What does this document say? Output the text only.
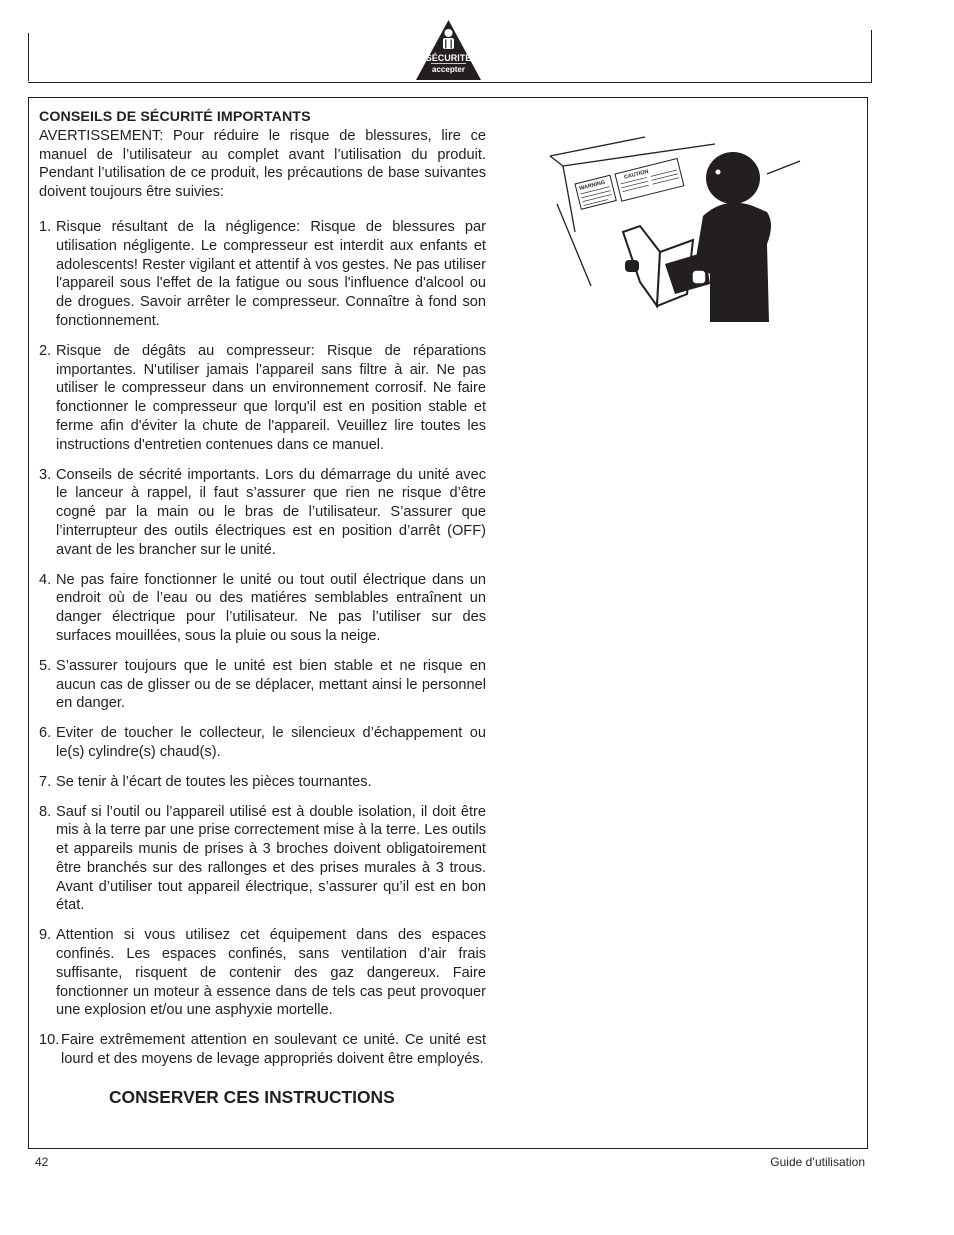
SÉCURITÉ
accepter

CONSEILS DE SÉCURITÉ IMPORTANTS

AVERTISSEMENT: Pour réduire le risque de blessures, lire ce manuel de l’utilisateur au complet avant l’utilisation du produit. Pendant l’utilisation de ce produit, les précautions de base suivantes doivent toujours être suivies:

1. Risque résultant de la négligence: Risque de blessures par utilisation négligente. Le compresseur est interdit aux enfants et adolescents! Rester vigilant et attentif à vos gestes. Ne pas utiliser l'appareil sous l'effet de la fatigue ou sous l'influence d'alcool ou de drogues. Savoir arrêter le compresseur. Connaître à fond son fonctionnement.
2. Risque de dégâts au compresseur: Risque de réparations importantes. N'utiliser jamais l'appareil sans filtre à air. Ne pas utiliser le compresseur dans un environnement corrosif. Ne faire fonctionner le compresseur que lorqu'il est en position stable et ferme afin d'éviter la chute de l'appareil. Veuillez lire toutes les instructions d'entretien contenues dans ce manuel.
3. Conseils de sécrité importants. Lors du démarrage du unité avec le lanceur à rappel, il faut s’assurer que rien ne risque d’être cogné par la main ou le bras de l’utilisateur. S’assurer que l’interrupteur des outils électriques est en position d’arrêt (OFF) avant de les brancher sur le unité.
4. Ne pas faire fonctionner le unité ou tout outil électrique dans un endroit où de l’eau ou des matiéres semblables entraînent un danger électrique pour l’utilisateur. Ne pas l’utiliser sur des surfaces mouillées, sous la pluie ou sous la neige.
5. S’assurer toujours que le unité est bien stable et ne risque en aucun cas de glisser ou de se déplacer, mettant ainsi le personnel en danger.
6. Eviter de toucher le collecteur, le silencieux d’échappement ou le(s) cylindre(s) chaud(s).
7. Se tenir à l’écart de toutes les pièces tournantes.
8. Sauf si l’outil ou l’appareil utilisé est à double isolation, il doit être mis à la terre par une prise correctement mise à la terre. Les outils et appareils munis de prises à 3 broches doivent obligatoirement être branchés sur des rallonges et des prises murales à 3 trous. Avant d’utiliser tout appareil électrique, s’assurer qu’il est en bon état.
9. Attention si vous utilisez cet équipement dans des espaces confinés. Les espaces confinés, sans ventilation d’air frais suffisante, risquent de contenir des gaz dangereux. Faire fonctionner un moteur à essence dans de tels cas peut provoquer une explosion et/ou une asphyxie mortelle.
10. Faire extrêmement attention en soulevant ce unité. Ce unité est lourd et des moyens de levage appropriés doivent être employés.
CONSERVER CES INSTRUCTIONS
WARNING
CAUTION
42	Guide d’utilisation
